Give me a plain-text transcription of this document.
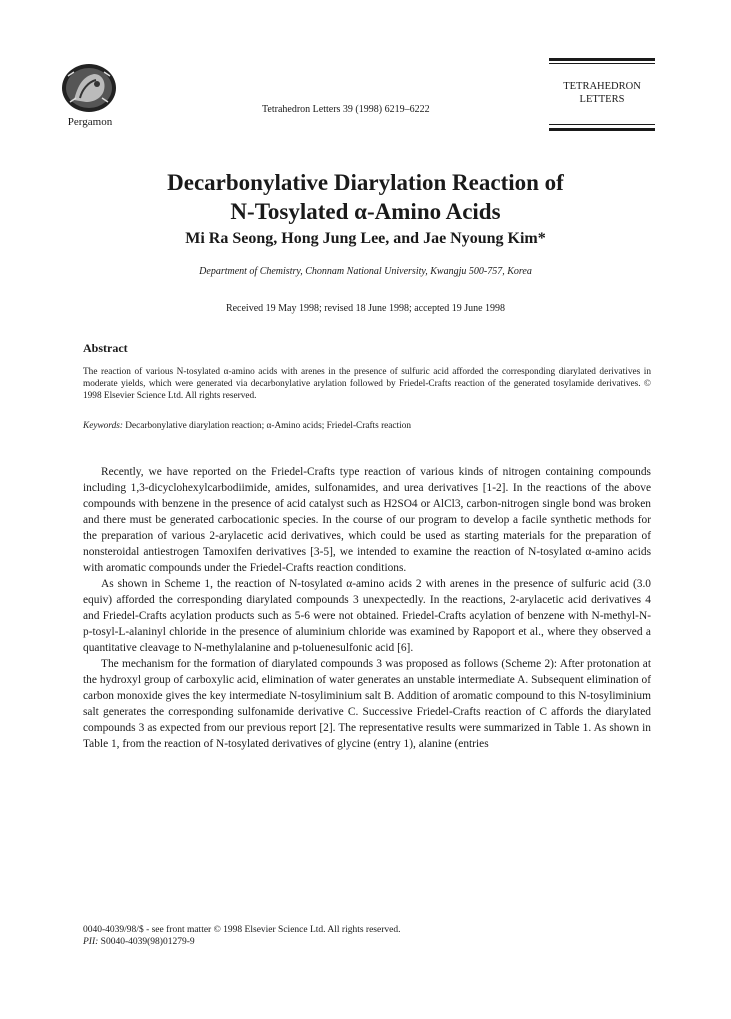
Pergamon
Tetrahedron Letters 39 (1998) 6219–6222
TETRAHEDRON
LETTERS
Decarbonylative Diarylation Reaction of
N-Tosylated α-Amino Acids
Mi Ra Seong, Hong Jung Lee, and Jae Nyoung Kim*
Department of Chemistry, Chonnam National University, Kwangju 500-757, Korea
Received 19 May 1998; revised 18 June 1998; accepted 19 June 1998
Abstract
The reaction of various N-tosylated α-amino acids with arenes in the presence of sulfuric acid afforded the corresponding diarylated derivatives in moderate yields, which were generated via decarbonylative arylation followed by Friedel-Crafts reaction of the generated tosylamide derivatives. © 1998 Elsevier Science Ltd. All rights reserved.
Keywords: Decarbonylative diarylation reaction; α-Amino acids; Friedel-Crafts reaction

Recently, we have reported on the Friedel-Crafts type reaction of various kinds of nitrogen containing compounds including 1,3-dicyclohexylcarbodiimide, amides, sulfonamides, and urea derivatives [1-2]. In the reactions of the above compounds with benzene in the presence of acid catalyst such as H2SO4 or AlCl3, carbon-nitrogen single bond was broken and there must be generated carbocationic species. In the course of our program to develop a facile synthetic methods for the preparation of various 2-arylacetic acid derivatives, which could be used as starting materials for the preparation of nonsteroidal antiestrogen Tamoxifen derivatives [3-5], we intended to examine the reaction of N-tosylated α-amino acids with aromatic compounds under the Friedel-Crafts reaction conditions.

As shown in Scheme 1, the reaction of N-tosylated α-amino acids 2 with arenes in the presence of sulfuric acid (3.0 equiv) afforded the corresponding diarylated compounds 3 unexpectedly. In the reactions, 2-arylacetic acid derivatives 4 and Friedel-Crafts acylation products such as 5-6 were not obtained. Friedel-Crafts acylation of benzene with N-methyl-N-p-tosyl-L-alaninyl chloride in the presence of aluminium chloride was examined by Rapoport et al., where they observed a quantitative cleavage to N-methylalanine and p-toluenesulfonic acid [6].

The mechanism for the formation of diarylated compounds 3 was proposed as follows (Scheme 2): After protonation at the hydroxyl group of carboxylic acid, elimination of water generates an unstable intermediate A. Subsequent elimination of carbon monoxide gives the key intermediate N-tosyliminium salt B. Addition of aromatic compound to this N-tosyliminium salt generates the corresponding sulfonamide derivative C. Successive Friedel-Crafts reaction of C affords the diarylated compounds 3 as expected from our previous report [2]. The representative results were summarized in Table 1. As shown in Table 1, from the reaction of N-tosylated derivatives of glycine (entry 1), alanine (entries

0040-4039/98/$ - see front matter © 1998 Elsevier Science Ltd. All rights reserved.
PII: S0040-4039(98)01279-9
